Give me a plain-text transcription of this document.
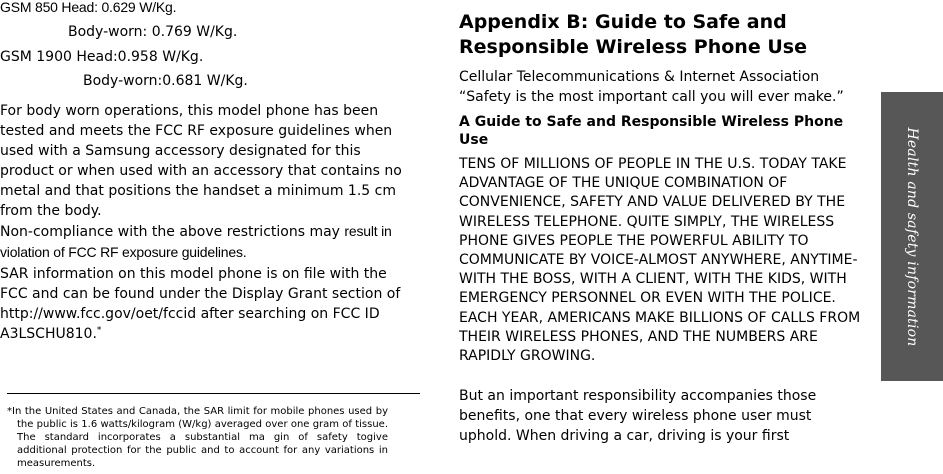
GSM 850 Head: 0.629 W/Kg.
Body-worn: 0.769 W/Kg.
GSM 1900 Head:0.958 W/Kg.
Body-worn:0.681 W/Kg.

For body worn operations, this model phone has been tested and meets the FCC RF exposure guidelines when used with a Samsung accessory designated for this product or when used with an accessory that contains no metal and that positions the handset a minimum 1.5 cm from the body.

Non-compliance with the above restrictions may result in violation of FCC RF exposure guidelines.

SAR information on this model phone is on file with the FCC and can be found under the Display Grant section of http://www.fcc.gov/oet/fccid after searching on FCC ID A3LSCHU810.*

*In the United States and Canada, the SAR limit for mobile phones used by the public is 1.6 watts/kilogram (W/kg) averaged over one gram of tissue. The standard incorporates a substantial ma gin of safety togive additional protection for the public and to account for any variations in measurements.

Appendix B: Guide to Safe and Responsible Wireless Phone Use

Cellular Telecommunications & Internet Association

“Safety is the most important call you will ever make.”

A Guide to Safe and Responsible Wireless Phone Use

TENS OF MILLIONS OF PEOPLE IN THE U.S. TODAY TAKE ADVANTAGE OF THE UNIQUE COMBINATION OF CONVENIENCE, SAFETY AND VALUE DELIVERED BY THE WIRELESS TELEPHONE. QUITE SIMPLY, THE WIRELESS PHONE GIVES PEOPLE THE POWERFUL ABILITY TO COMMUNICATE BY VOICE-ALMOST ANYWHERE, ANYTIME-WITH THE BOSS, WITH A CLIENT, WITH THE KIDS, WITH EMERGENCY PERSONNEL OR EVEN WITH THE POLICE. EACH YEAR, AMERICANS MAKE BILLIONS OF CALLS FROM THEIR WIRELESS PHONES, AND THE NUMBERS ARE RAPIDLY GROWING.

But an important responsibility accompanies those benefits, one that every wireless phone user must uphold. When driving a car, driving is your first

Health and safety information
